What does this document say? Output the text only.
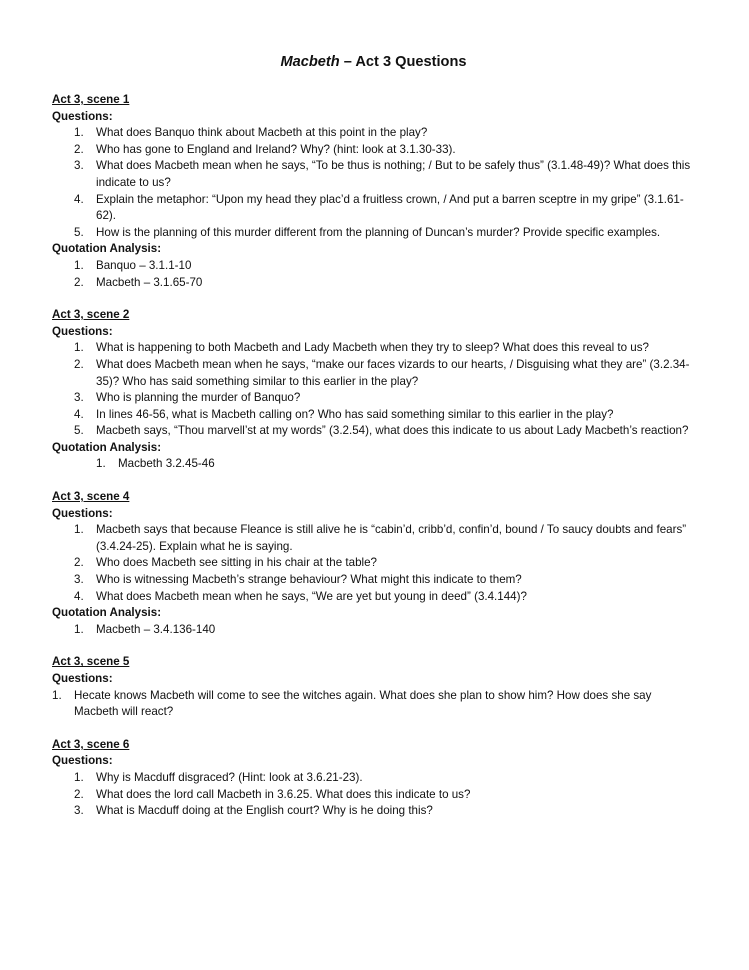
Macbeth – Act 3 Questions
Act 3, scene 1
Questions:
1. What does Banquo think about Macbeth at this point in the play?
2. Who has gone to England and Ireland? Why? (hint: look at 3.1.30-33).
3. What does Macbeth mean when he says, “To be thus is nothing; / But to be safely thus” (3.1.48-49)? What does this indicate to us?
4. Explain the metaphor: “Upon my head they plac’d a fruitless crown, / And put a barren sceptre in my gripe” (3.1.61-62).
5. How is the planning of this murder different from the planning of Duncan’s murder? Provide specific examples.
Quotation Analysis:
1. Banquo – 3.1.1-10
2. Macbeth – 3.1.65-70
Act 3, scene 2
Questions:
1. What is happening to both Macbeth and Lady Macbeth when they try to sleep? What does this reveal to us?
2. What does Macbeth mean when he says, “make our faces vizards to our hearts, / Disguising what they are” (3.2.34-35)? Who has said something similar to this earlier in the play?
3. Who is planning the murder of Banquo?
4. In lines 46-56, what is Macbeth calling on? Who has said something similar to this earlier in the play?
5. Macbeth says, “Thou marvell’st at my words” (3.2.54), what does this indicate to us about Lady Macbeth’s reaction?
Quotation Analysis:
1. Macbeth 3.2.45-46
Act 3, scene 4
Questions:
1. Macbeth says that because Fleance is still alive he is “cabin’d, cribb’d, confin’d, bound / To saucy doubts and fears” (3.4.24-25). Explain what he is saying.
2. Who does Macbeth see sitting in his chair at the table?
3. Who is witnessing Macbeth’s strange behaviour? What might this indicate to them?
4. What does Macbeth mean when he says, “We are yet but young in deed” (3.4.144)?
Quotation Analysis:
1. Macbeth – 3.4.136-140
Act 3, scene 5
Questions:
1. Hecate knows Macbeth will come to see the witches again. What does she plan to show him? How does she say Macbeth will react?
Act 3, scene 6
Questions:
1. Why is Macduff disgraced? (Hint: look at 3.6.21-23).
2. What does the lord call Macbeth in 3.6.25. What does this indicate to us?
3. What is Macduff doing at the English court? Why is he doing this?
